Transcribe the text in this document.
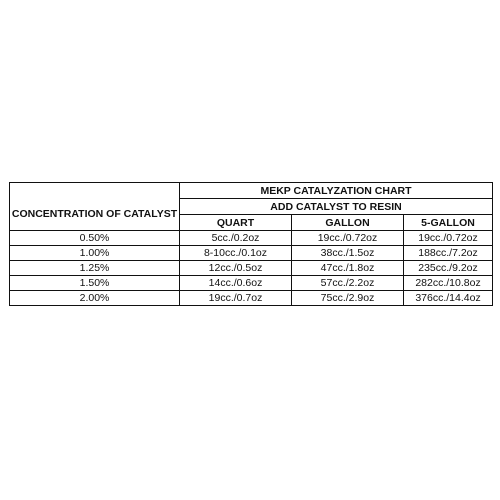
	MEKP CATALYZATION CHART		
CONCENTRATION OF CATALYST	ADD CATALYST TO RESIN		
	QUART	GALLON	5-GALLON
0.50%	5cc./0.2oz	19cc./0.72oz	19cc./0.72oz
1.00%	8-10cc./0.1oz	38cc./1.5oz	188cc./7.2oz
1.25%	12cc./0.5oz	47cc./1.8oz	235cc./9.2oz
1.50%	14cc./0.6oz	57cc./2.2oz	282cc./10.8oz
2.00%	19cc./0.7oz	75cc./2.9oz	376cc./14.4oz
